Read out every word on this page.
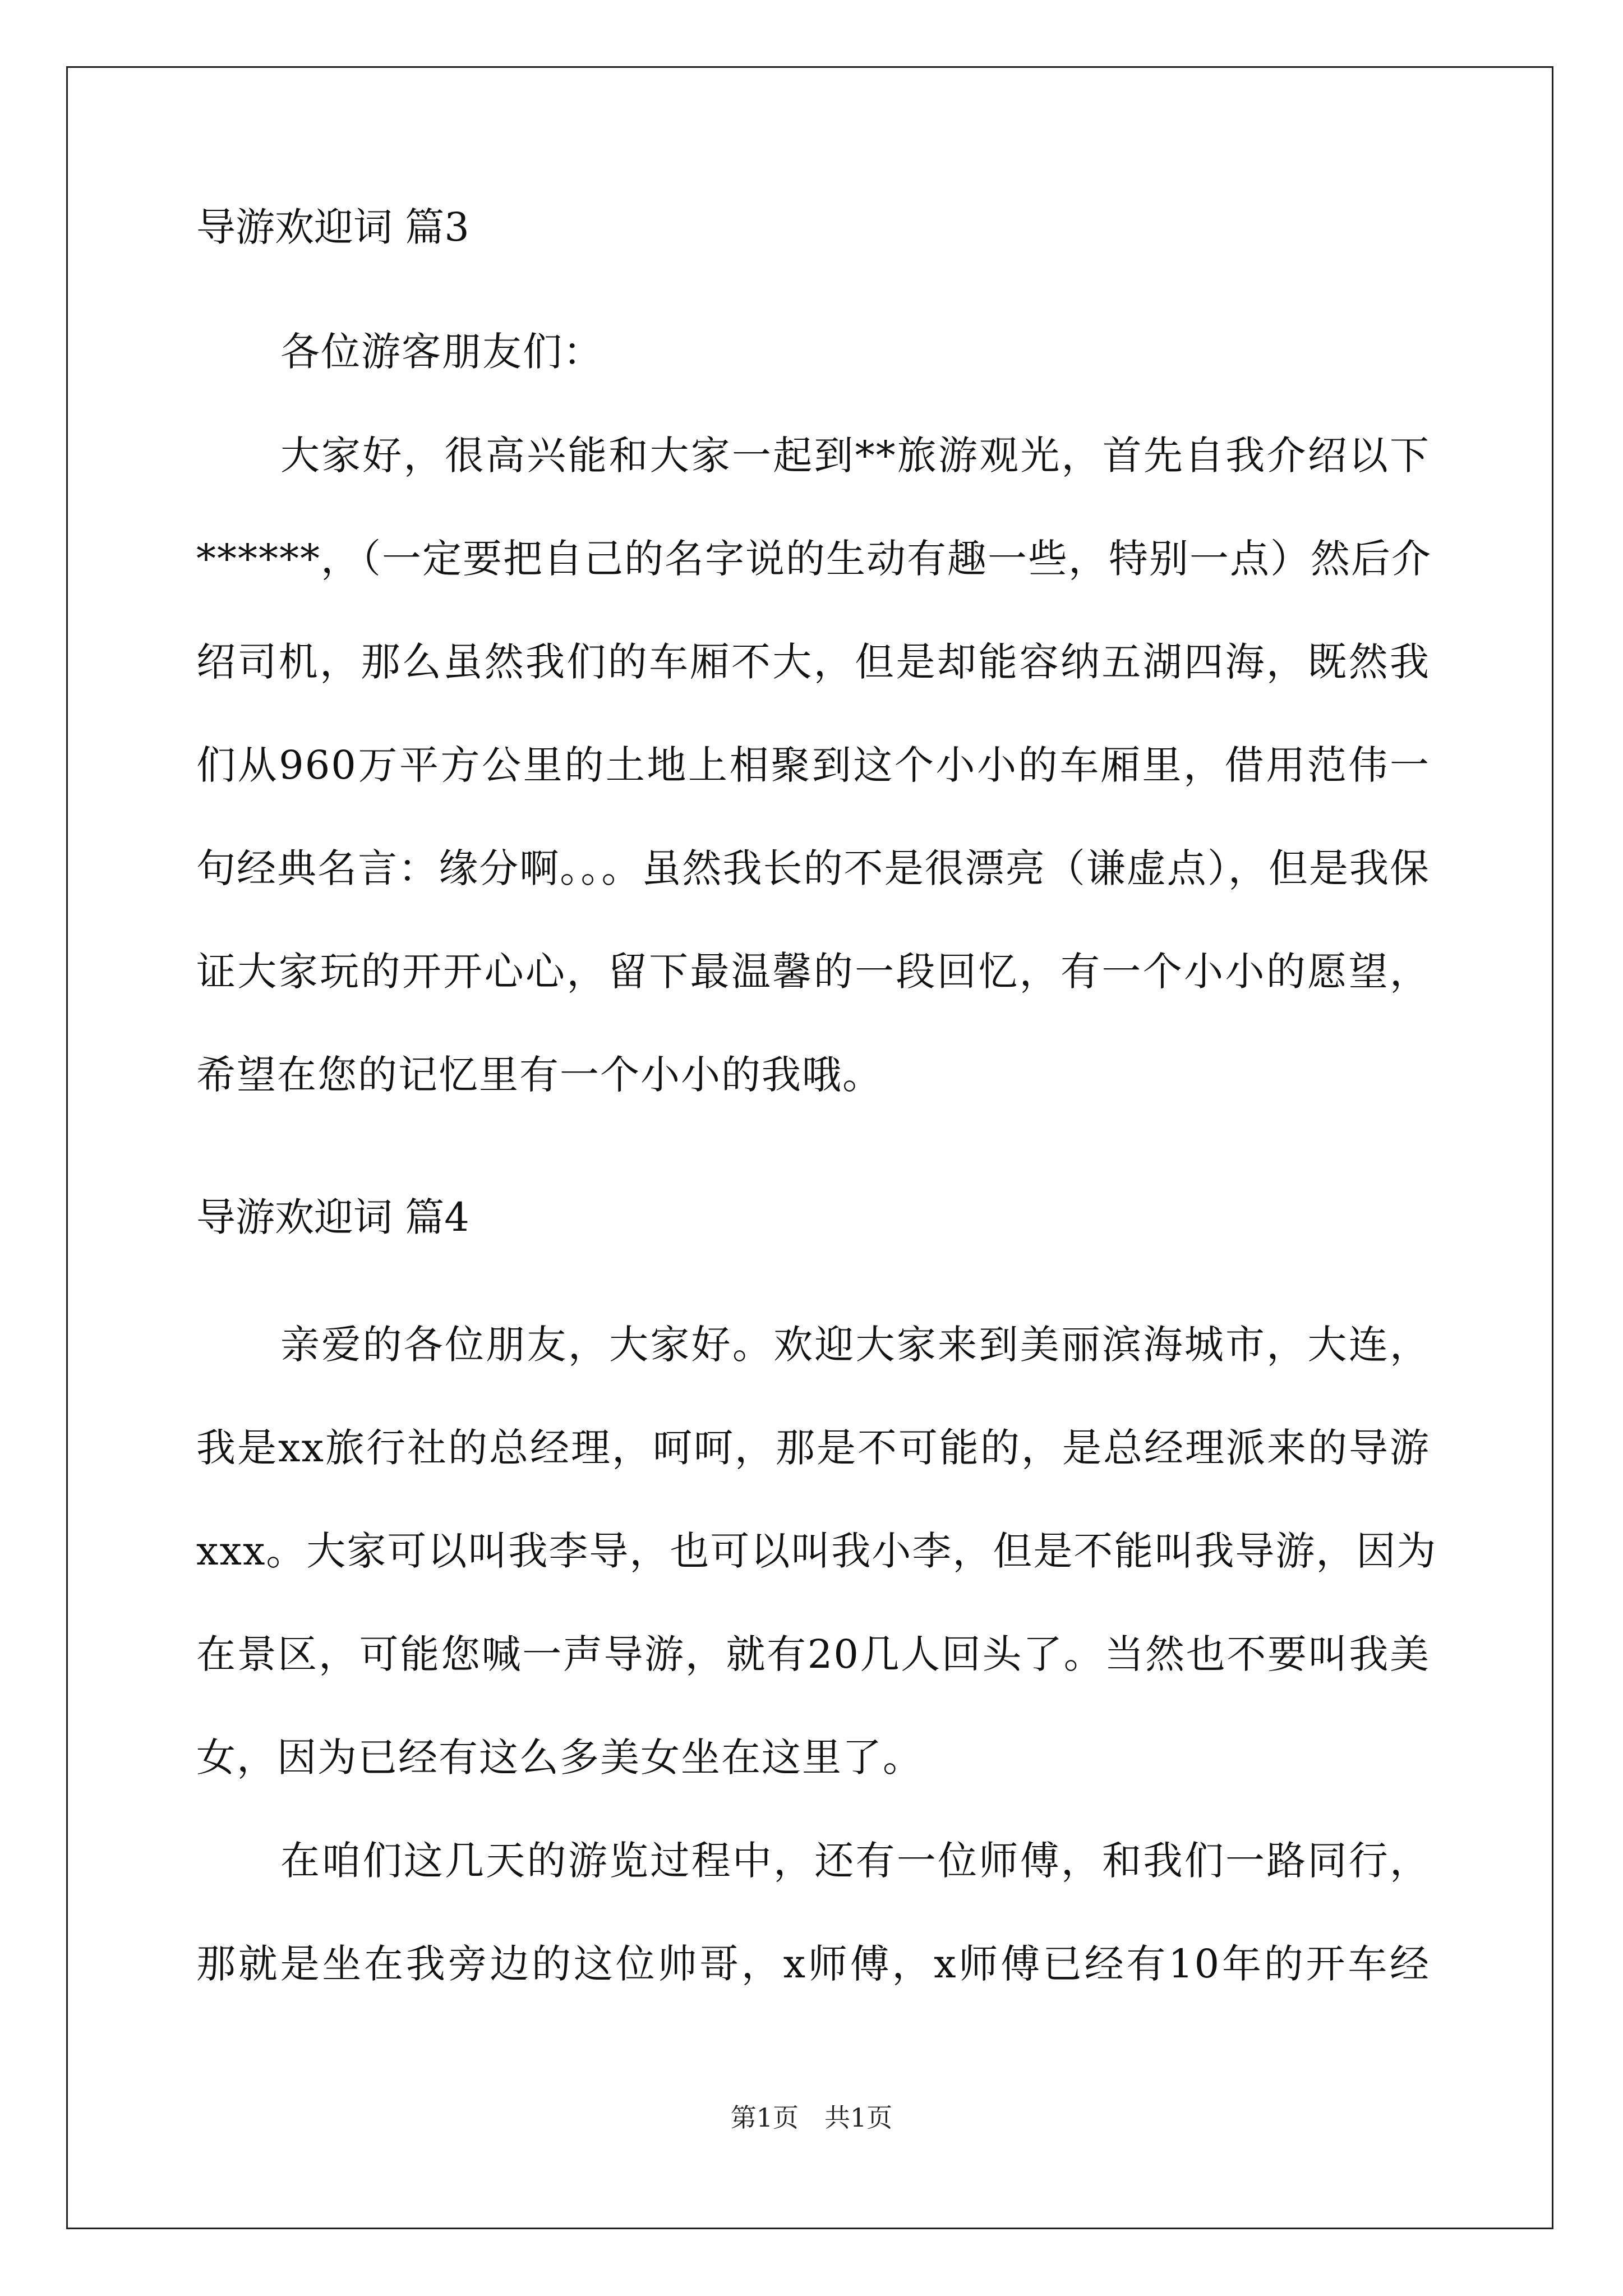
导游欢迎词 篇3
各位游客朋友们：
大家好，很高兴能和大家一起到**旅游观光，首先自我介绍以下
******，（一定要把自己的名字说的生动有趣一些，特别一点）然后介
绍司机，那么虽然我们的车厢不大，但是却能容纳五湖四海，既然我
们从960万平方公里的土地上相聚到这个小小的车厢里，借用范伟一
句经典名言：缘分啊。。。虽然我长的不是很漂亮（谦虚点），但是我保
证大家玩的开开心心，留下最温馨的一段回忆，有一个小小的愿望，
希望在您的记忆里有一个小小的我哦。
导游欢迎词 篇4
亲爱的各位朋友，大家好。欢迎大家来到美丽滨海城市，大连，
我是xx旅行社的总经理，呵呵，那是不可能的，是总经理派来的导游
xxx。大家可以叫我李导，也可以叫我小李，但是不能叫我导游，因为
在景区，可能您喊一声导游，就有20几人回头了。当然也不要叫我美
女，因为已经有这么多美女坐在这里了。
在咱们这几天的游览过程中，还有一位师傅，和我们一路同行，
那就是坐在我旁边的这位帅哥，x师傅，x师傅已经有10年的开车经
第1页　共1页
